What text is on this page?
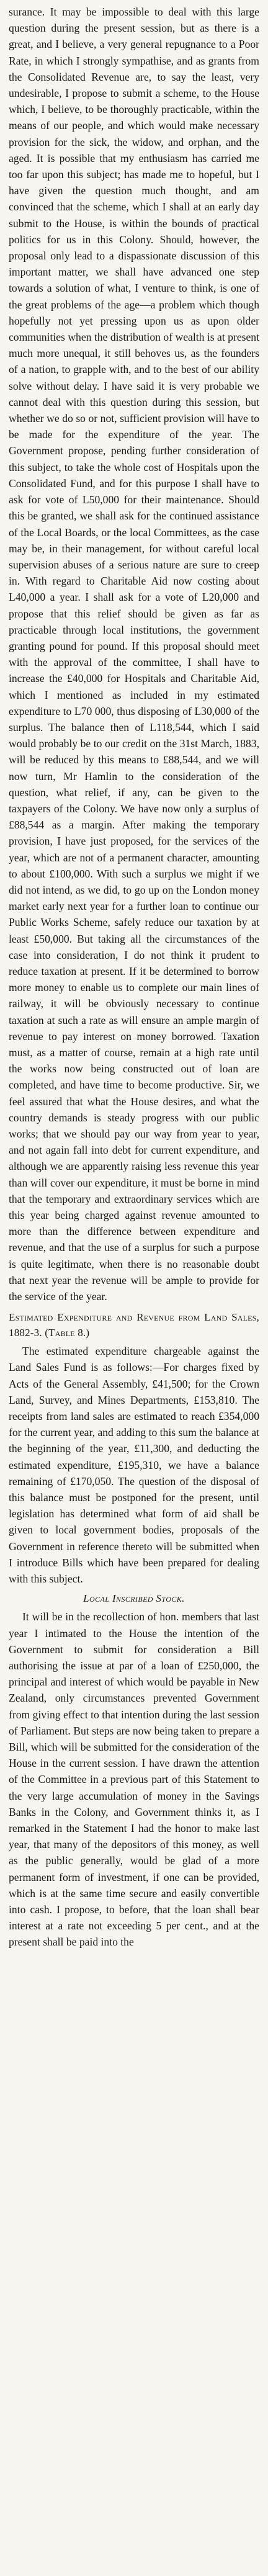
surance. It may be impossible to deal with this large question during the present session, but as there is a great, and I believe, a very general repugnance to a Poor Rate, in which I strongly sympathise, and as grants from the Consolidated Revenue are, to say the least, very undesirable, I propose to submit a scheme, to the House which, I believe, to be thoroughly practicable, within the means of our people, and which would make necessary provision for the sick, the widow, and orphan, and the aged. It is possible that my enthusiasm has carried me too far upon this subject; has made me to hopeful, but I have given the question much thought, and am convinced that the scheme, which I shall at an early day submit to the House, is within the bounds of practical politics for us in this Colony. Should, however, the proposal only lead to a dispassionate discussion of this important matter, we shall have advanced one step towards a solution of what, I venture to think, is one of the great problems of the age—a problem which though hopefully not yet pressing upon us as upon older communities when the distribution of wealth is at present much more unequal, it still behoves us, as the founders of a nation, to grapple with, and to the best of our ability solve without delay. I have said it is very probable we cannot deal with this question during this session, but whether we do so or not, sufficient provision will have to be made for the expenditure of the year. The Government propose, pending further consideration of this subject, to take the whole cost of Hospitals upon the Consolidated Fund, and for this purpose I shall have to ask for vote of L50,000 for their maintenance. Should this be granted, we shall ask for the continued assistance of the Local Boards, or the local Committees, as the case may be, in their management, for without careful local supervision abuses of a serious nature are sure to creep in. With regard to Charitable Aid now costing about L40,000 a year. I shall ask for a vote of L20,000 and propose that this relief should be given as far as practicable through local institutions, the government granting pound for pound. If this proposal should meet with the approval of the committee, I shall have to increase the £40,000 for Hospitals and Charitable Aid, which I mentioned as included in my estimated expenditure to L70 000, thus disposing of L30,000 of the surplus. The balance then of L118,544, which I said would probably be to our credit on the 31st March, 1883, will be reduced by this means to £88,544, and we will now turn, Mr Hamlin to the consideration of the question, what relief, if any, can be given to the taxpayers of the Colony. We have now only a surplus of £88,544 as a margin. After making the temporary provision, I have just proposed, for the services of the year, which are not of a permanent character, amounting to about £100,000. With such a surplus we might if we did not intend, as we did, to go up on the London money market early next year for a further loan to continue our Public Works Scheme, safely reduce our taxation by at least £50,000. But taking all the circumstances of the case into consideration, I do not think it prudent to reduce taxation at present. If it be determined to borrow more money to enable us to complete our main lines of railway, it will be obviously necessary to continue taxation at such a rate as will ensure an ample margin of revenue to pay interest on money borrowed. Taxation must, as a matter of course, remain at a high rate until the works now being constructed out of loan are completed, and have time to become productive. Sir, we feel assured that what the House desires, and what the country demands is steady progress with our public works; that we should pay our way from year to year, and not again fall into debt for current expenditure, and although we are apparently raising less revenue this year than will cover our expenditure, it must be borne in mind that the temporary and extraordinary services which are this year being charged against revenue amounted to more than the difference between expenditure and revenue, and that the use of a surplus for such a purpose is quite legitimate, when there is no reasonable doubt that next year the revenue will be ample to provide for the service of the year.

Estimated Expenditure and Revenue from Land Sales, 1882-3. (Table 8.)

The estimated expenditure chargeable against the Land Sales Fund is as follows:—For charges fixed by Acts of the General Assembly, £41,500; for the Crown Land, Survey, and Mines Departments, £153,810. The receipts from land sales are estimated to reach £354,000 for the current year, and adding to this sum the balance at the beginning of the year, £11,300, and deducting the estimated expenditure, £195,310, we have a balance remaining of £170,050. The question of the disposal of this balance must be postponed for the present, until legislation has determined what form of aid shall be given to local government bodies, proposals of the Government in reference thereto will be submitted when I introduce Bills which have been prepared for dealing with this subject.

Local Inscribed Stock.

It will be in the recollection of hon. members that last year I intimated to the House the intention of the Government to submit for consideration a Bill authorising the issue at par of a loan of £250,000, the principal and interest of which would be payable in New Zealand, only circumstances prevented Government from giving effect to that intention during the last session of Parliament. But steps are now being taken to prepare a Bill, which will be submitted for the consideration of the House in the current session. I have drawn the attention of the Committee in a previous part of this Statement to the very large accumulation of money in the Savings Banks in the Colony, and Government thinks it, as I remarked in the Statement I had the honor to make last year, that many of the depositors of this money, as well as the public generally, would be glad of a more permanent form of investment, if one can be provided, which is at the same time secure and easily convertible into cash. I propose, to before, that the loan shall bear interest at a rate not exceeding 5 per cent., and at the present shall be paid into the
